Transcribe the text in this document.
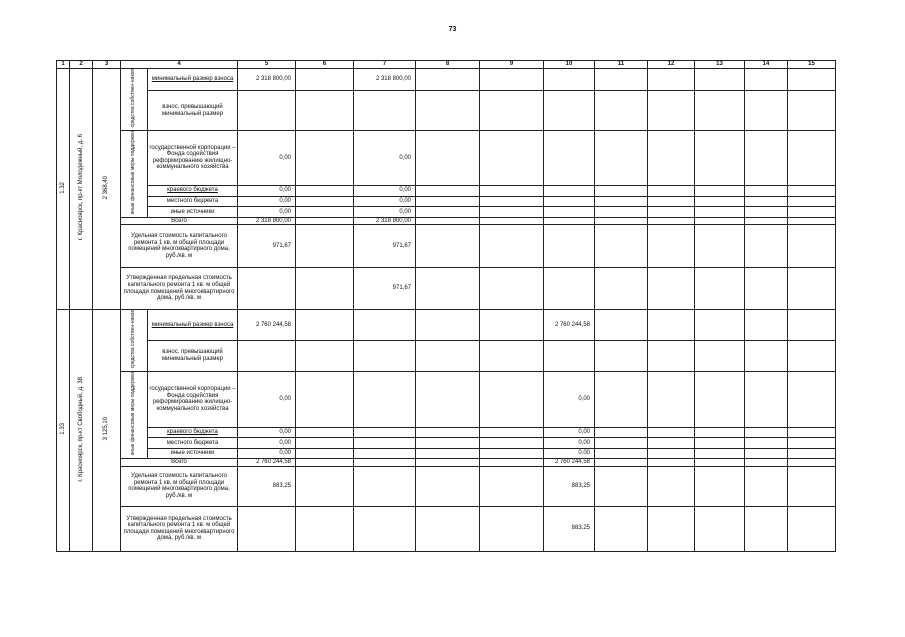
73
1	2	3	4		5	6	7	8	9	10	11	12	13	14	15
1.32	г. Красноярск, пр-кт Молодежный, д. 6	2 368,40	средства собствен-ников	минимальный размер взноса	2 318 800,00		2 318 800,00								
				взнос, превышающий минимальный размер											
			иные финансовые меры поддержки	государственной корпорации – Фонда содействия реформированию жилищно-коммунального хозяйства	0,00		0,00								
				краевого бюджета	0,00		0,00								
				местного бюджета	0,00		0,00								
				иные источники	0,00		0,00								
			Всего		2 318 800,00		2 318 800,00								
			Удельная стоимость капитального ремонта 1 кв. м общей площади помещений многоквартирного дома, руб./кв. м		971,67		971,67								
			Утвержденная предельная стоимость капитального ремонта 1 кв. м общей площади помещений многоквартирного дома, руб./кв. м				971,67								
1.33	г. Красноярск, пр-кт Свободный, д. 38	3 125,10	средства собствен-ников	минимальный размер взноса	2 760 244,58					2 760 244,58					
				взнос, превышающий минимальный размер											
			иные финансовые меры поддержки	государственной корпорации – Фонда содействия реформированию жилищно-коммунального хозяйства	0,00					0,00					
				краевого бюджета	0,00					0,00					
				местного бюджета	0,00					0,00					
				иные источники	0,00					0,00					
			Всего		2 760 244,58					2 760 244,58					
			Удельная стоимость капитального ремонта 1 кв. м общей площади помещений многоквартирного дома, руб./кв. м		883,25					883,25					
			Утвержденная предельная стоимость капитального ремонта 1 кв. м общей площади помещений многоквартирного дома, руб./кв. м							883,25					
